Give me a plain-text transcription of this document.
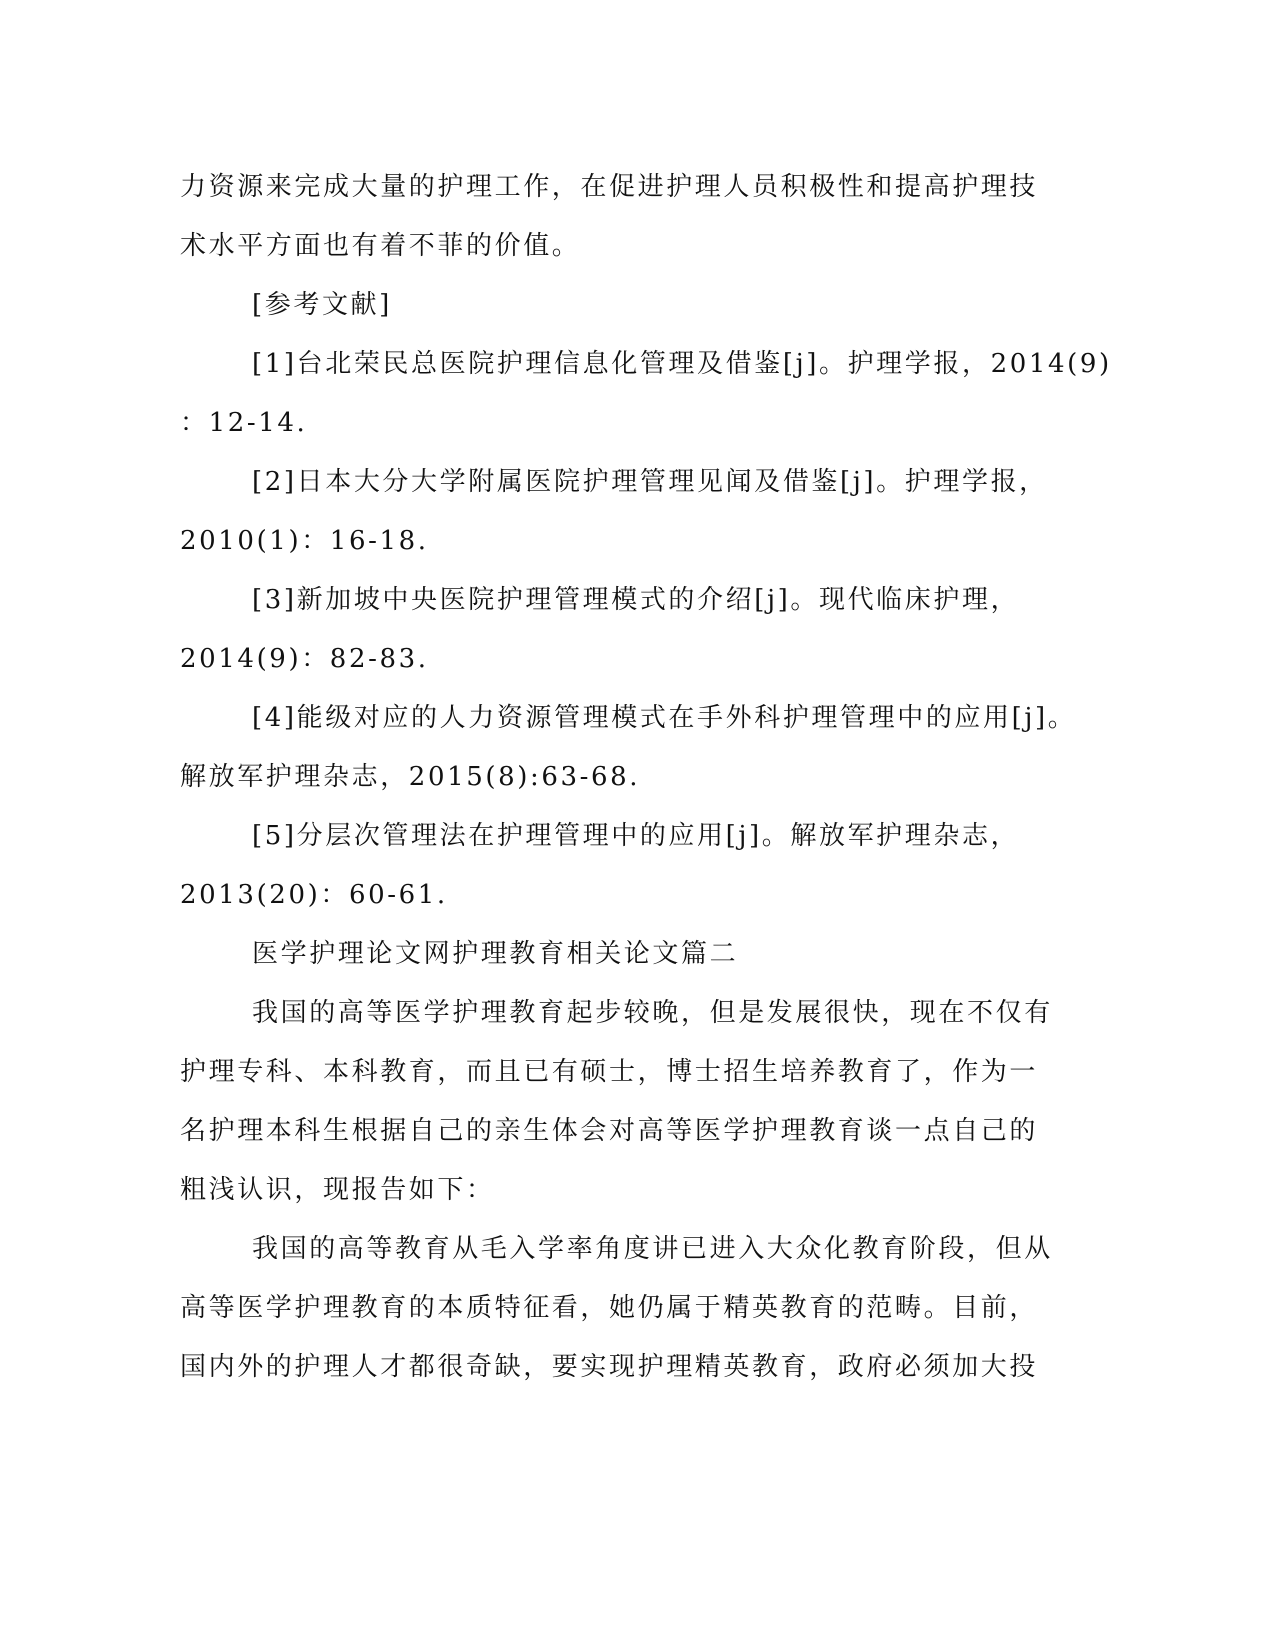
力资源来完成大量的护理工作，在促进护理人员积极性和提高护理技
术水平方面也有着不菲的价值。
[参考文献]
[1]台北荣民总医院护理信息化管理及借鉴[j]。护理学报，2014(9)
：12-14.
[2]日本大分大学附属医院护理管理见闻及借鉴[j]。护理学报，
2010(1)：16-18.
[3]新加坡中央医院护理管理模式的介绍[j]。现代临床护理，
2014(9)：82-83.
[4]能级对应的人力资源管理模式在手外科护理管理中的应用[j]。
解放军护理杂志，2015(8):63-68.
[5]分层次管理法在护理管理中的应用[j]。解放军护理杂志，
2013(20)：60-61.
医学护理论文网护理教育相关论文篇二
我国的高等医学护理教育起步较晚，但是发展很快，现在不仅有
护理专科、本科教育，而且已有硕士，博士招生培养教育了，作为一
名护理本科生根据自己的亲生体会对高等医学护理教育谈一点自己的
粗浅认识，现报告如下：
我国的高等教育从毛入学率角度讲已进入大众化教育阶段，但从
高等医学护理教育的本质特征看，她仍属于精英教育的范畴。目前，
国内外的护理人才都很奇缺，要实现护理精英教育，政府必须加大投
